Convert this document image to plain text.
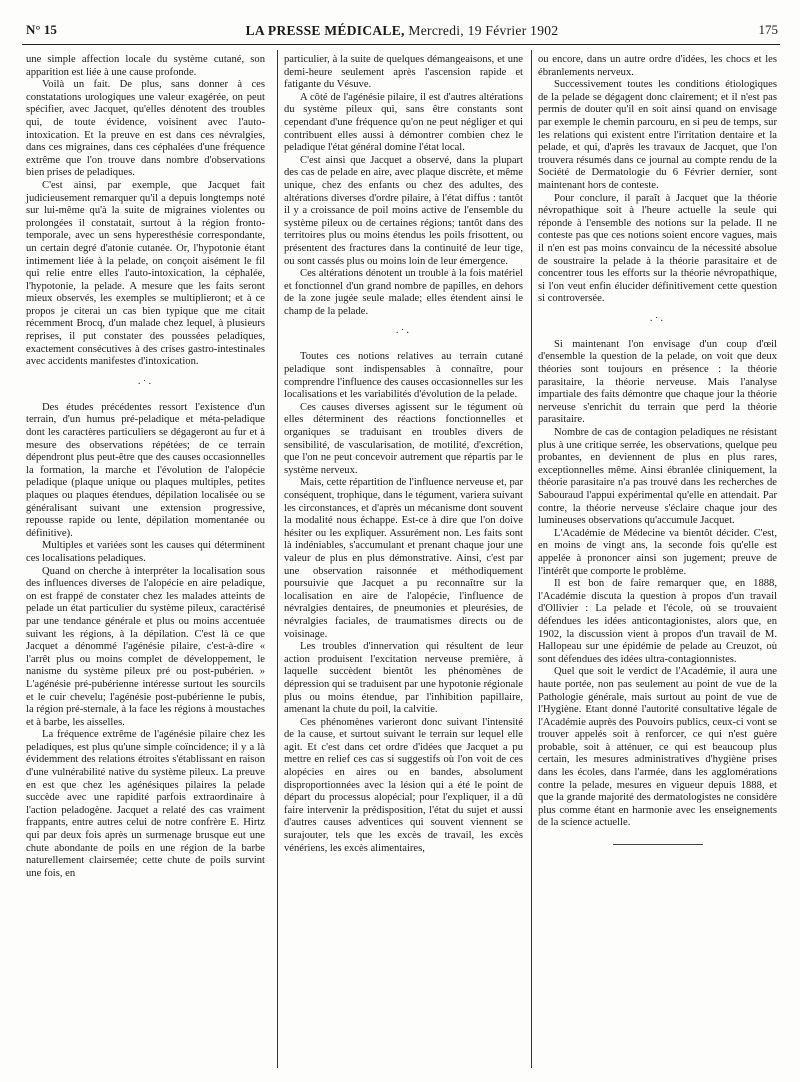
N° 15	LA PRESSE MÉDICALE, Mercredi, 19 Février 1902	175

une simple affection locale du système cutané, son apparition est liée à une cause profonde.

Voilà un fait. De plus, sans donner à ces constatations urologiques une valeur exagérée, on peut spécifier, avec Jacquet, qu'elles dénotent des troubles qui, de toute évidence, voisinent avec l'auto-intoxication. Et la preuve en est dans ces névralgies, dans ces migraines, dans ces céphalées d'une fréquence extrême que l'on trouve dans nombre d'observations bien prises de peladiques.

C'est ainsi, par exemple, que Jacquet fait judicieusement remarquer qu'il a depuis longtemps noté sur lui-même qu'à la suite de migraines violentes ou prolongées il constatait, surtout à la région fronto-temporale, avec un sens hyperesthésie correspondante, un certain degré d'atonie cutanée. Or, l'hypotonie étant intimement liée à la pelade, on conçoit aisément le fil qui relie entre elles l'auto-intoxication, la céphalée, l'hypotonie, la pelade. A mesure que les faits seront mieux observés, les exemples se multiplieront; et à ce propos je citerai un cas bien typique que me citait récemment Brocq, d'un malade chez lequel, à plusieurs reprises, il put constater des poussées peladiques, exactement consécutives à des crises gastro-intestinales avec accidents manifestes d'intoxication.

·˙·

Des études précédentes ressort l'existence d'un terrain, d'un humus pré-peladique et méta-peladique dont les caractères particuliers se dégageront au fur et à mesure des observations répétées; de ce terrain dépendront plus peut-être que des causes occasionnelles la formation, la marche et l'évolution de l'alopécie peladique (plaque unique ou plaques multiples, petites plaques ou plaques étendues, dépilation localisée ou se généralisant suivant une extension progressive, repousse rapide ou lente, dépilation momentanée ou définitive).

Multiples et variées sont les causes qui déterminent ces localisations peladiques.

Quand on cherche à interpréter la localisation sous des influences diverses de l'alopécie en aire peladique, on est frappé de constater chez les malades atteints de pelade un état particulier du système pileux, caractérisé par une tendance générale et plus ou moins accentuée suivant les régions, à la dépilation. C'est là ce que Jacquet a dénommé l'agénésie pilaire, c'est-à-dire « l'arrêt plus ou moins complet de développement, le nanisme du système pileux pré ou post-pubérien. » L'agénésie pré-pubérienne intéresse surtout les sourcils et le cuir chevelu; l'agénésie post-pubérienne le pubis, la région pré-sternale, à la face les régions à moustaches et à barbe, les aisselles.

La fréquence extrême de l'agénésie pilaire chez les peladiques, est plus qu'une simple coïncidence; il y a là évidemment des relations étroites s'établissant en raison d'une vulnérabilité native du système pileux. La preuve en est que chez les agénésiques pilaires la pelade succède avec une rapidité parfois extraordinaire à l'action peladogène. Jacquet a relaté des cas vraiment frappants, entre autres celui de notre confrère E. Hirtz qui par deux fois après un surmenage brusque eut une chute abondante de poils en une région de la barbe naturellement clairsemée; cette chute de poils survint une fois, en

particulier, à la suite de quelques démangeaisons, et une demi-heure seulement après l'ascension rapide et fatigante du Vésuve.

A côté de l'agénésie pilaire, il est d'autres altérations du système pileux qui, sans être constants sont cependant d'une fréquence qu'on ne peut négliger et qui contribuent elles aussi à démontrer combien chez le peladique l'état général domine l'état local.

C'est ainsi que Jacquet a observé, dans la plupart des cas de pelade en aire, avec plaque discrète, et même unique, chez des enfants ou chez des adultes, des altérations diverses d'ordre pilaire, à l'état diffus : tantôt il y a croissance de poil moins active de l'ensemble du système pileux ou de certaines régions; tantôt dans des territoires plus ou moins étendus les poils frisottent, ou présentent des fractures dans la continuité de leur tige, ou sont cassés plus ou moins loin de leur émergence.

Ces altérations dénotent un trouble à la fois matériel et fonctionnel d'un grand nombre de papilles, en dehors de la zone jugée seule malade; elles étendent ainsi le champ de la pelade.

·˙·

Toutes ces notions relatives au terrain cutané peladique sont indispensables à connaître, pour comprendre l'influence des causes occasionnelles sur les localisations et les variabilités d'évolution de la pelade.

Ces causes diverses agissent sur le tégument où elles déterminent des réactions fonctionnelles et organiques se traduisant en troubles divers de sensibilité, de vascularisation, de motilité, d'excrétion, que l'on ne peut concevoir autrement que répartis par le système nerveux.

Mais, cette répartition de l'influence nerveuse et, par conséquent, trophique, dans le tégument, variera suivant les circonstances, et d'après un mécanisme dont souvent la modalité nous échappe. Est-ce à dire que l'on doive hésiter ou les expliquer. Assurément non. Les faits sont là indéniables, s'accumulant et prenant chaque jour une valeur de plus en plus démonstrative. Ainsi, c'est par une observation raisonnée et méthodiquement poursuivie que Jacquet a pu reconnaître sur la localisation en aire de l'alopécie, l'influence de névralgies dentaires, de pneumonies et pleurésies, de névralgies faciales, de traumatismes directs ou de voisinage.

Les troubles d'innervation qui résultent de leur action produisent l'excitation nerveuse première, à laquelle succèdent bientôt les phénomènes de dépression qui se traduisent par une hypotonie régionale plus ou moins étendue, par l'inhibition papillaire, amenant la chute du poil, la calvitie.

Ces phénomènes varieront donc suivant l'intensité de la cause, et surtout suivant le terrain sur lequel elle agit. Et c'est dans cet ordre d'idées que Jacquet a pu mettre en relief ces cas si suggestifs où l'on voit de ces alopécies en aires ou en bandes, absolument disproportionnées avec la lésion qui a été le point de départ du processus alopécial; pour l'expliquer, il a dû faire intervenir la prédisposition, l'état du sujet et aussi d'autres causes adventices qui souvent viennent se surajouter, tels que les excès de travail, les excès vénériens, les excès alimentaires,

ou encore, dans un autre ordre d'idées, les chocs et les ébranlements nerveux.

Successivement toutes les conditions étiologiques de la pelade se dégagent donc clairement; et il n'est pas permis de douter qu'il en soit ainsi quand on envisage par exemple le chemin parcouru, en si peu de temps, sur les relations qui existent entre l'irritation dentaire et la pelade, et qui, d'après les travaux de Jacquet, que l'on trouvera résumés dans ce journal au compte rendu de la Société de Dermatologie du 6 Février dernier, sont maintenant hors de conteste.

Pour conclure, il paraît à Jacquet que la théorie névropathique soit à l'heure actuelle la seule qui réponde à l'ensemble des notions sur la pelade. Il ne conteste pas que ces notions soient encore vagues, mais il n'en est pas moins convaincu de la nécessité absolue de soustraire la pelade à la théorie parasitaire et de concentrer tous les efforts sur la théorie névropathique, si l'on veut enfin élucider définitivement cette question si controversée.

·˙·

Si maintenant l'on envisage d'un coup d'œil d'ensemble la question de la pelade, on voit que deux théories sont toujours en présence : la théorie parasitaire, la théorie nerveuse. Mais l'analyse impartiale des faits démontre que chaque jour la théorie nerveuse s'enrichit du terrain que perd la théorie parasitaire.

Nombre de cas de contagion peladiques ne résistant plus à une critique serrée, les observations, quelque peu probantes, en deviennent de plus en plus rares, exceptionnelles même. Ainsi ébranlée cliniquement, la théorie parasitaire n'a pas trouvé dans les recherches de Sabouraud l'appui expérimental qu'elle en attendait. Par contre, la théorie nerveuse s'éclaire chaque jour des lumineuses observations qu'accumule Jacquet.

L'Académie de Médecine va bientôt décider. C'est, en moins de vingt ans, la seconde fois qu'elle est appelée à prononcer ainsi son jugement; preuve de l'intérêt que comporte le problème.

Il est bon de faire remarquer que, en 1888, l'Académie discuta la question à propos d'un travail d'Ollivier : La pelade et l'école, où se trouvaient défendues les idées anticontagionistes, alors que, en 1902, la discussion vient à propos d'un travail de M. Hallopeau sur une épidémie de pelade au Creuzot, où sont défendues des idées ultra-contagionnistes.

Quel que soit le verdict de l'Académie, il aura une haute portée, non pas seulement au point de vue de la Pathologie générale, mais surtout au point de vue de l'Hygiène. Etant donné l'autorité consultative légale de l'Académie auprès des Pouvoirs publics, ceux-ci vont se trouver appelés soit à renforcer, ce qui n'est guère probable, soit à atténuer, ce qui est beaucoup plus certain, les mesures administratives d'hygiène prises dans les écoles, dans l'armée, dans les agglomérations contre la pelade, mesures en vigueur depuis 1888, et que la grande majorité des dermatologistes ne considère plus comme étant en harmonie avec les enseignements de la science actuelle.
